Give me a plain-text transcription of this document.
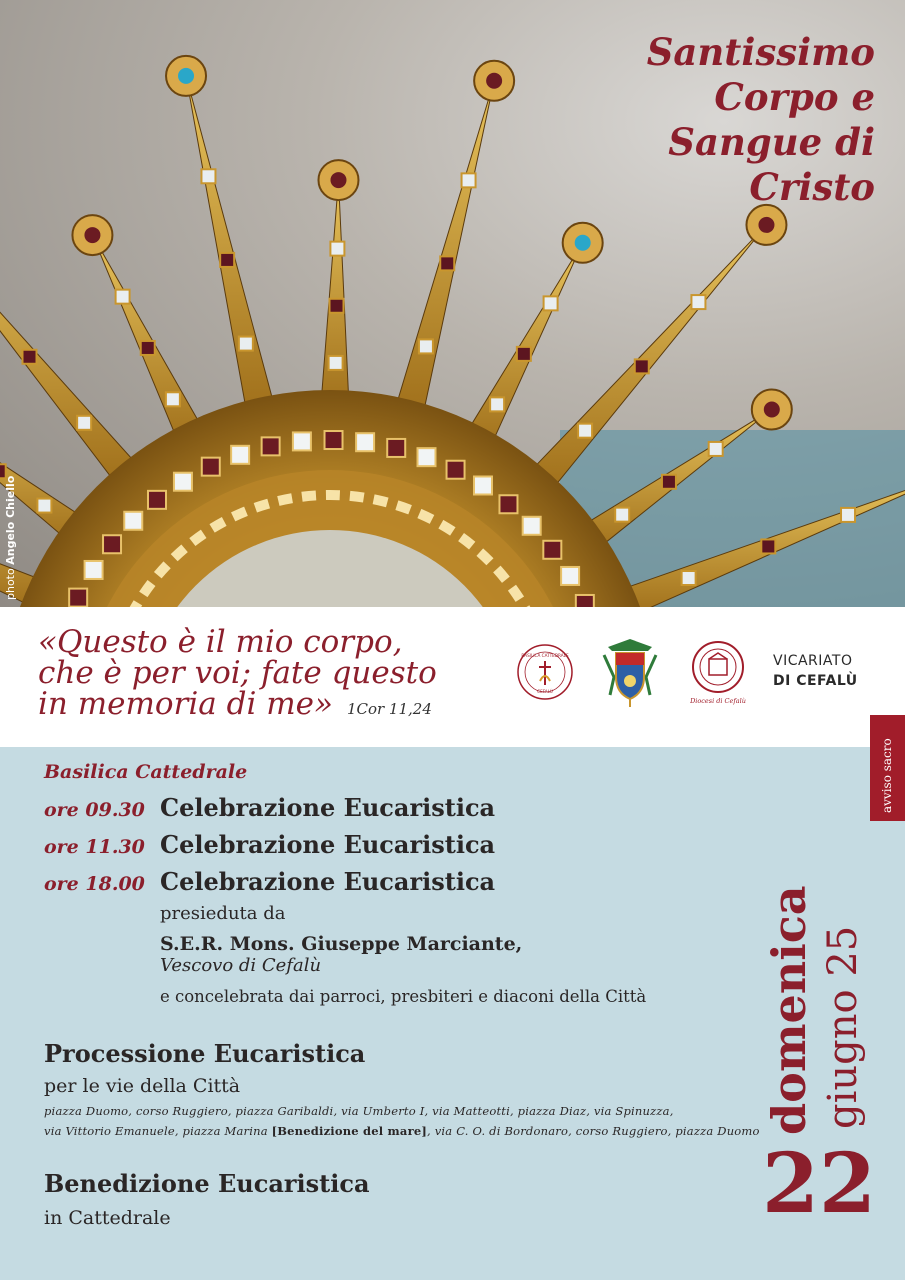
photo Angelo Chiello
Santissimo
Corpo e
Sangue di
Cristo
«Questo è il mio corpo,
che è per voi; fate questo
in memoria di me» 1Cor 11,24
BASILICA CATTEDRALE
CEFALÙ
Diocesi di Cefalù
VICARIATO
DI CEFALÙ
avviso sacro
Basilica Cattedrale
ore 09.30 Celebrazione Eucaristica
ore 11.30 Celebrazione Eucaristica
ore 18.00 Celebrazione Eucaristica
presieduta da
S.E.R. Mons. Giuseppe Marciante,
Vescovo di Cefalù
e concelebrata dai parroci, presbiteri e diaconi della Città
Processione Eucaristica
per le vie della Città
piazza Duomo, corso Ruggiero, piazza Garibaldi, via Umberto I, via Matteotti, piazza Diaz, via Spinuzza,
via Vittorio Emanuele, piazza Marina [Benedizione del mare], via C. O. di Bordonaro, corso Ruggiero, piazza Duomo
Benedizione Eucaristica
in Cattedrale
domenica giugno 25
22
